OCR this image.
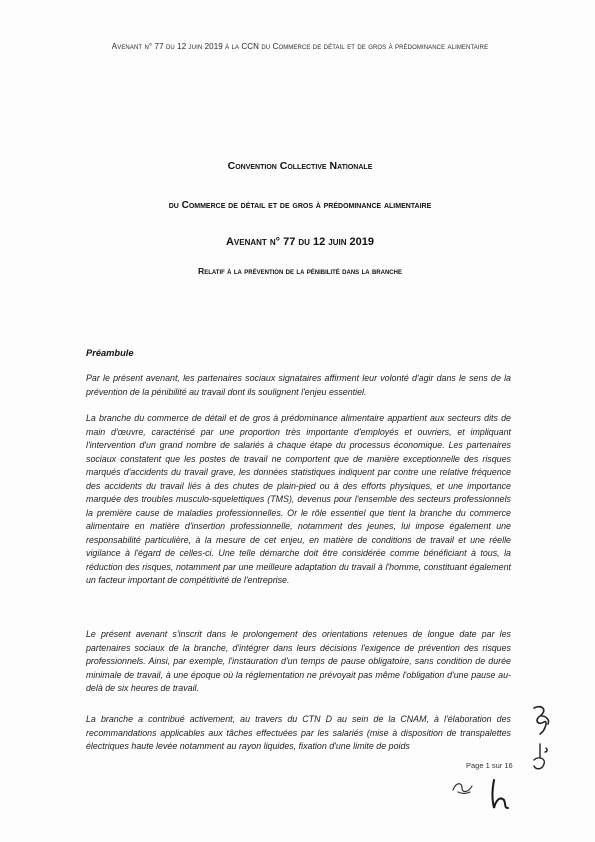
Avenant n° 77 du 12 juin 2019 à la CCN du Commerce de détail et de gros à prédominance alimentaire
Convention Collective Nationale
du Commerce de détail et de gros à prédominance alimentaire
Avenant n° 77 du 12 juin 2019
Relatif à la prévention de la pénibilité dans la branche
Préambule

Par le présent avenant, les partenaires sociaux signataires affirment leur volonté d'agir dans le sens de la prévention de la pénibilité au travail dont ils soulignent l'enjeu essentiel.

La branche du commerce de détail et de gros à prédominance alimentaire appartient aux secteurs dits de main d'œuvre, caractérisé par une proportion très importante d'employés et ouvriers, et impliquant l'intervention d'un grand nombre de salariés à chaque étape du processus économique. Les partenaires sociaux constatent que les postes de travail ne comportent que de manière exceptionnelle des risques marqués d'accidents du travail grave, les données statistiques indiquent par contre une relative fréquence des accidents du travail liés à des chutes de plain-pied ou à des efforts physiques, et une importance marquée des troubles musculo-squelettiques (TMS), devenus pour l'ensemble des secteurs professionnels la première cause de maladies professionnelles. Or le rôle essentiel que tient la branche du commerce alimentaire en matière d'insertion professionnelle, notamment des jeunes, lui impose également une responsabilité particulière, à la mesure de cet enjeu, en matière de conditions de travail et une réelle vigilance à l'égard de celles-ci. Une telle démarche doit être considérée comme bénéficiant à tous, la réduction des risques, notamment par une meilleure adaptation du travail à l'homme, constituant également un facteur important de compétitivité de l'entreprise.

Le présent avenant s'inscrit dans le prolongement des orientations retenues de longue date par les partenaires sociaux de la branche, d'intégrer dans leurs décisions l'exigence de prévention des risques professionnels. Ainsi, par exemple, l'instauration d'un temps de pause obligatoire, sans condition de durée minimale de travail, à une époque où la réglementation ne prévoyait pas même l'obligation d'une pause au-delà de six heures de travail.

La branche a contribué activement, au travers du CTN D au sein de la CNAM, à l'élaboration des recommandations applicables aux tâches effectuées par les salariés (mise à disposition de transpalettes électriques haute levée notamment au rayon liquides, fixation d'une limite de poids

Page 1 sur 16
